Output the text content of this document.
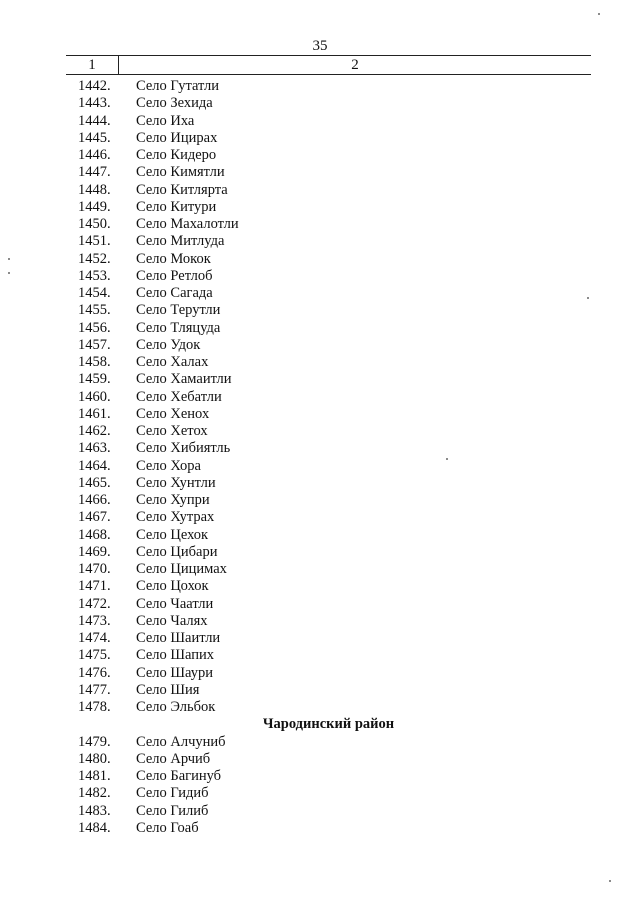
35
1	2
1442.	Село Гутатли
1443.	Село Зехида
1444.	Село Иха
1445.	Село Ицирах
1446.	Село Кидеро
1447.	Село Кимятли
1448.	Село Китлярта
1449.	Село Китури
1450.	Село Махалотли
1451.	Село Митлуда
1452.	Село Мокок
1453.	Село Ретлоб
1454.	Село Сагада
1455.	Село Терутли
1456.	Село Тляцуда
1457.	Село Удок
1458.	Село Халах
1459.	Село Хамаитли
1460.	Село Хебатли
1461.	Село Хенох
1462.	Село Хетох
1463.	Село Хибиятль
1464.	Село Хора
1465.	Село Хунтли
1466.	Село Хупри
1467.	Село Хутрах
1468.	Село Цехок
1469.	Село Цибари
1470.	Село Цицимах
1471.	Село Цохок
1472.	Село Чаатли
1473.	Село Чалях
1474.	Село Шаитли
1475.	Село Шапих
1476.	Село Шаури
1477.	Село Шия
1478.	Село Эльбок
Чародинский район
1479.	Село Алчуниб
1480.	Село Арчиб
1481.	Село Багинуб
1482.	Село Гидиб
1483.	Село Гилиб
1484.	Село Гоаб
